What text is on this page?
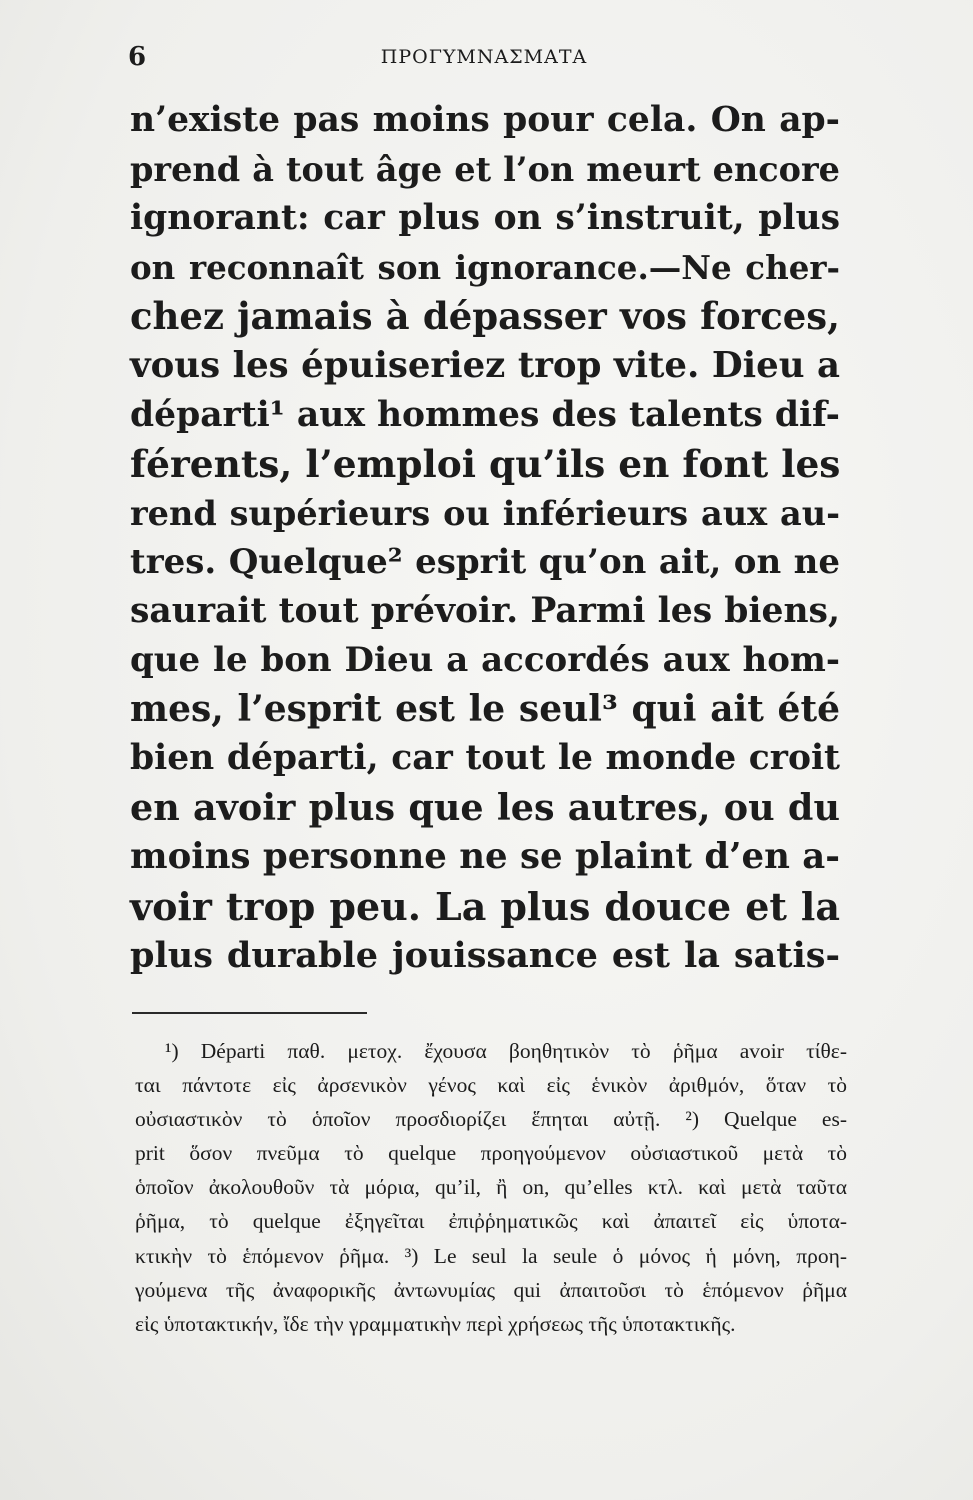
6	ΠΡΟΓΥΜΝΑΣΜΑΤΑ
n’existe pas moins pour cela. On ap-
prend à tout âge et l’on meurt encore
ignorant: car plus on s’instruit, plus
on reconnaît son ignorance.—Ne cher-
chez jamais à dépasser vos forces,
vous les épuiseriez trop vite. Dieu a
départi¹ aux hommes des talents dif-
férents, l’emploi qu’ils en font les
rend supérieurs ou inférieurs aux au-
tres. Quelque² esprit qu’on ait, on ne
saurait tout prévoir. Parmi les biens,
que le bon Dieu a accordés aux hom-
mes, l’esprit est le seul³ qui ait été
bien départi, car tout le monde croit
en avoir plus que les autres, ou du
moins personne ne se plaint d’en a-
voir trop peu. La plus douce et la
plus durable jouissance est la satis-
¹) Départi παθ. μετοχ. ἔχουσα βοηθητικὸν τὸ ῥῆμα avoir τίθε-
ται πάντοτε εἰς ἀρσενικὸν γένος καὶ εἰς ἑνικὸν ἀριθμόν, ὅταν τὸ
οὐσιαστικὸν τὸ ὁποῖον προσδιορίζει ἕπηται αὐτῇ. ²) Quelque es-
prit ὅσον πνεῦμα τὸ quelque προηγούμενον οὐσιαστικοῦ μετὰ τὸ
ὁποῖον ἀκολουθοῦν τὰ μόρια, qu’il, ἢ on, qu’elles κτλ. καὶ μετὰ ταῦτα
ῥῆμα, τὸ quelque ἐξηγεῖται ἐπιῤῥηματικῶς καὶ ἀπαιτεῖ εἰς ὑποτα-
κτικὴν τὸ ἑπόμενον ῥῆμα. ³) Le seul la seule ὁ μόνος ἡ μόνη, προη-
γούμενα τῆς ἀναφορικῆς ἀντωνυμίας qui ἀπαιτοῦσι τὸ ἑπόμενον ῥῆμα
εἰς ὑποτακτικήν, ἴδε τὴν γραμματικὴν περὶ χρήσεως τῆς ὑποτακτικῆς.
